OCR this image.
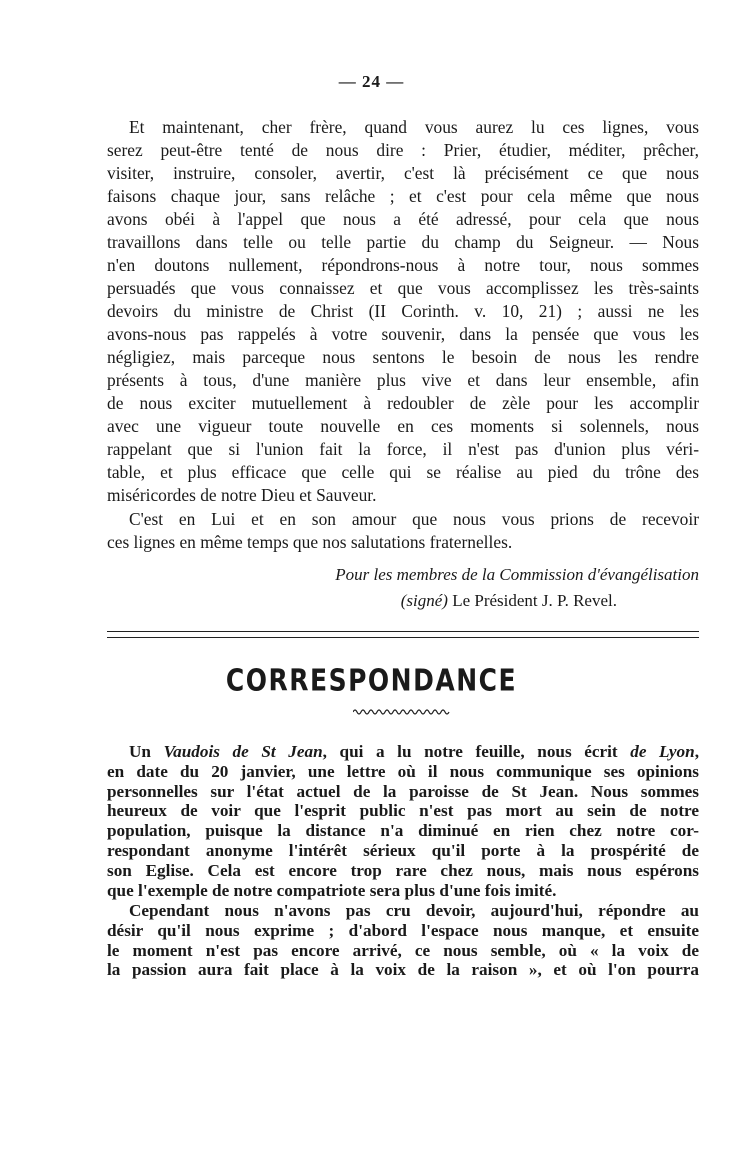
— 24 —
Et maintenant, cher frère, quand vous aurez lu ces lignes, vous
serez peut-être tenté de nous dire : Prier, étudier, méditer, prêcher,
visiter, instruire, consoler, avertir, c'est là précisément ce que nous
faisons chaque jour, sans relâche ; et c'est pour cela même que nous
avons obéi à l'appel que nous a été adressé, pour cela que nous
travaillons dans telle ou telle partie du champ du Seigneur. — Nous
n'en doutons nullement, répondrons-nous à notre tour, nous sommes
persuadés que vous connaissez et que vous accomplissez les très-saints
devoirs du ministre de Christ (II Corinth. v. 10, 21) ; aussi ne les
avons-nous pas rappelés à votre souvenir, dans la pensée que vous les
négligiez, mais parceque nous sentons le besoin de nous les rendre
présents à tous, d'une manière plus vive et dans leur ensemble, afin
de nous exciter mutuellement à redoubler de zèle pour les accomplir
avec une vigueur toute nouvelle en ces moments si solennels, nous
rappelant que si l'union fait la force, il n'est pas d'union plus véri-
table, et plus efficace que celle qui se réalise au pied du trône des
miséricordes de notre Dieu et Sauveur.
C'est en Lui et en son amour que nous vous prions de recevoir
ces lignes en même temps que nos salutations fraternelles.
Pour les membres de la Commission d'évangélisation
(signé) Le Président J. P. Revel.
CORRESPONDANCE
Un Vaudois de St Jean, qui a lu notre feuille, nous écrit de Lyon,
en date du 20 janvier, une lettre où il nous communique ses opinions
personnelles sur l'état actuel de la paroisse de St Jean. Nous sommes
heureux de voir que l'esprit public n'est pas mort au sein de notre
population, puisque la distance n'a diminué en rien chez notre cor-
respondant anonyme l'intérêt sérieux qu'il porte à la prospérité de
son Eglise. Cela est encore trop rare chez nous, mais nous espérons
que l'exemple de notre compatriote sera plus d'une fois imité.
Cependant nous n'avons pas cru devoir, aujourd'hui, répondre au
désir qu'il nous exprime ; d'abord l'espace nous manque, et ensuite
le moment n'est pas encore arrivé, ce nous semble, où « la voix de
la passion aura fait place à la voix de la raison », et où l'on pourra
